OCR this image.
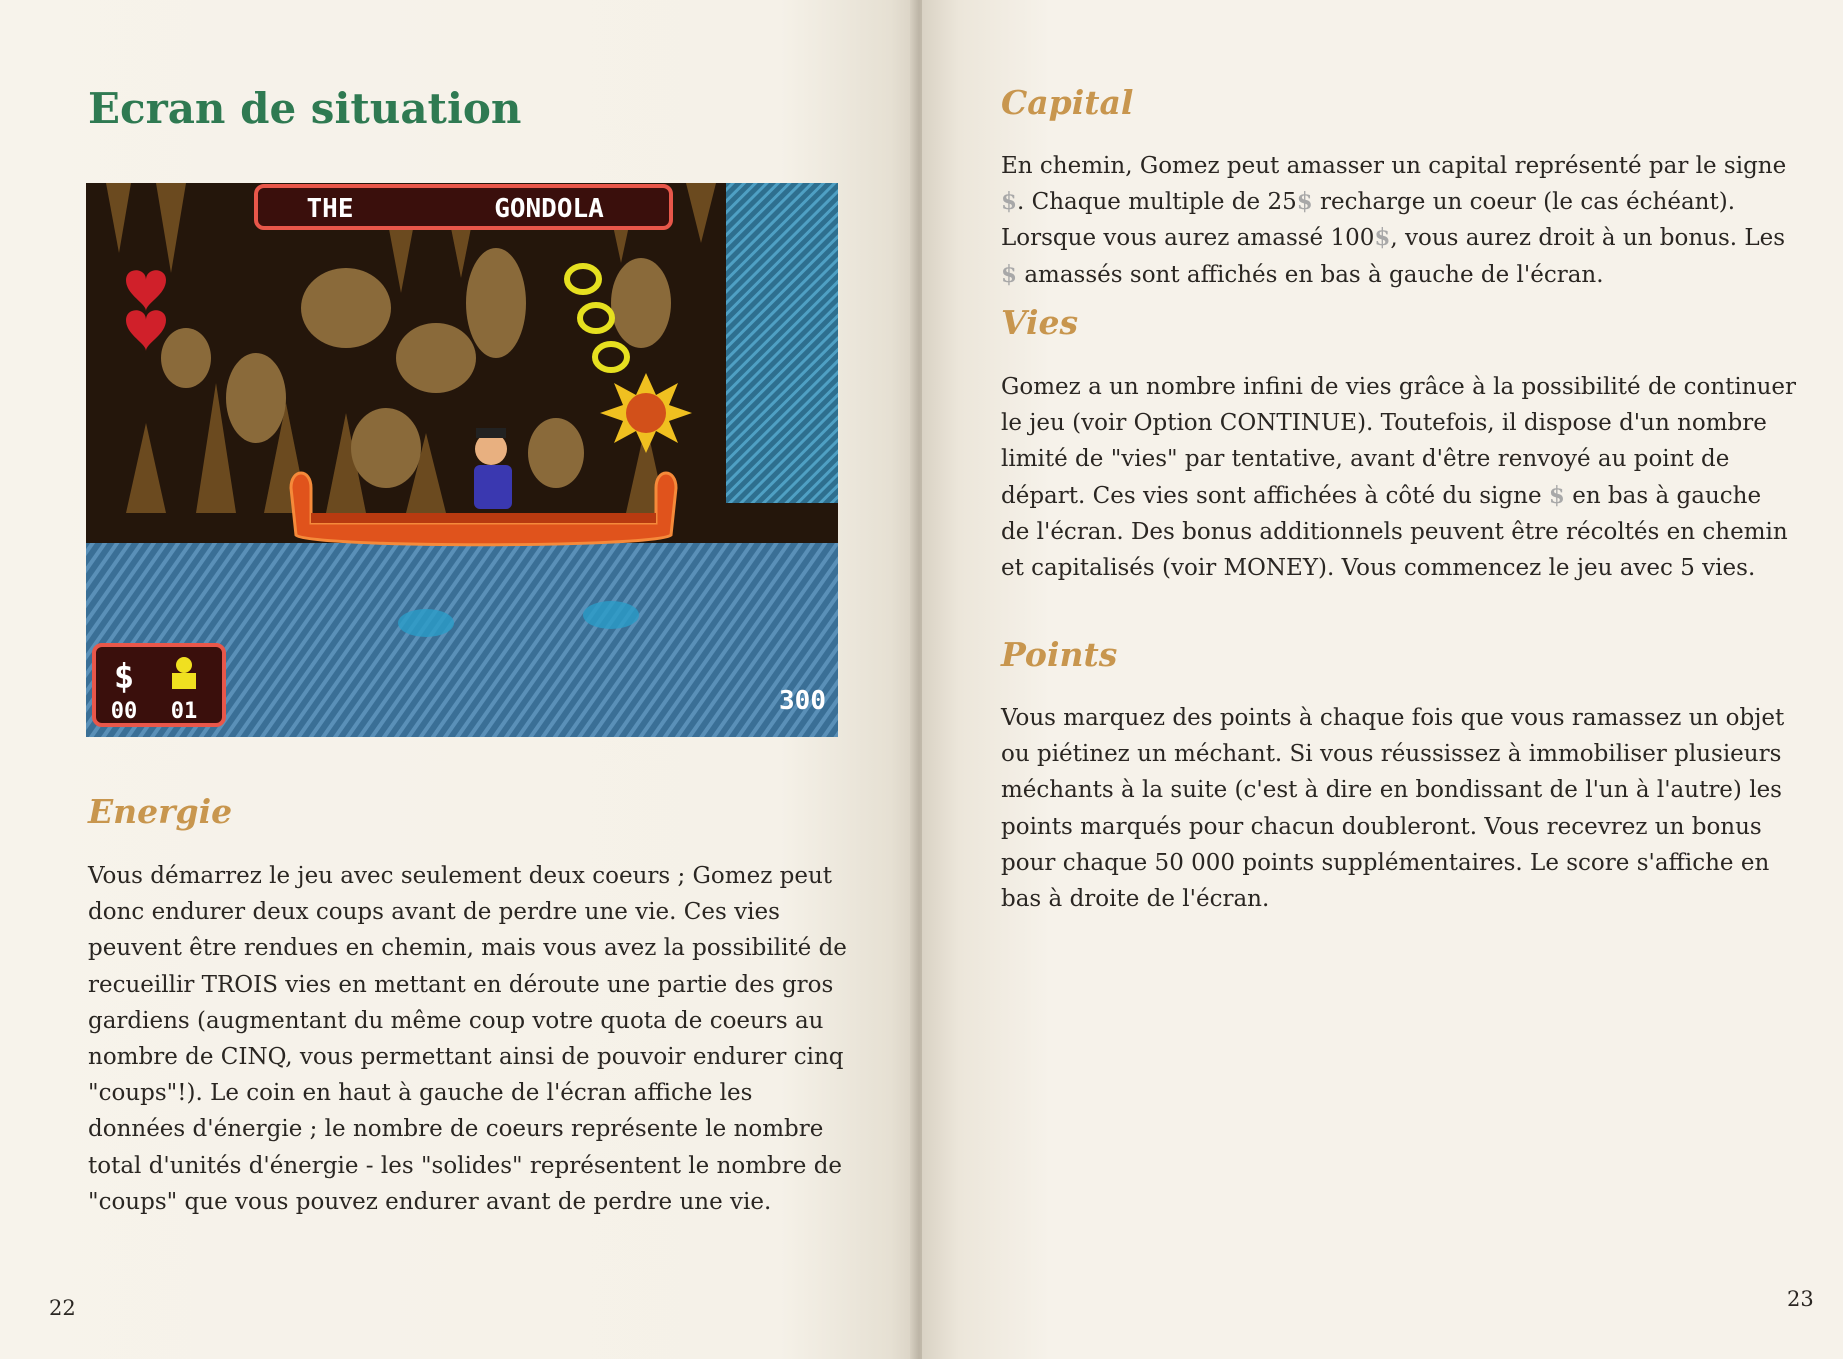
Ecran de situation
THE	GONDOLA
$
00 01	300
Energie

Vous démarrez le jeu avec seulement deux coeurs ; Gomez peut donc endurer deux coups avant de perdre une vie. Ces vies peuvent être rendues en chemin, mais vous avez la possibilité de recueillir TROIS vies en mettant en déroute une partie des gros gardiens (augmentant du même coup votre quota de coeurs au nombre de CINQ, vous permettant ainsi de pouvoir endurer cinq "coups"!). Le coin en haut à gauche de l'écran affiche les données d'énergie ; le nombre de coeurs représente le nombre total d'unités d'énergie - les "solides" représentent le nombre de "coups" que vous pouvez endurer avant de perdre une vie.

22
Capital

En chemin, Gomez peut amasser un capital représenté par le signe $. Chaque multiple de 25$ recharge un coeur (le cas échéant). Lorsque vous aurez amassé 100$, vous aurez droit à un bonus. Les $ amassés sont affichés en bas à gauche de l'écran.

Vies

Gomez a un nombre infini de vies grâce à la possibilité de continuer le jeu (voir Option CONTINUE). Toutefois, il dispose d'un nombre limité de "vies" par tentative, avant d'être renvoyé au point de départ. Ces vies sont affichées à côté du signe $ en bas à gauche de l'écran. Des bonus additionnels peuvent être récoltés en chemin et capitalisés (voir MONEY). Vous commencez le jeu avec 5 vies.

Points

Vous marquez des points à chaque fois que vous ramassez un objet ou piétinez un méchant. Si vous réussissez à immobiliser plusieurs méchants à la suite (c'est à dire en bondissant de l'un à l'autre) les points marqués pour chacun doubleront. Vous recevrez un bonus pour chaque 50 000 points supplémentaires. Le score s'affiche en bas à droite de l'écran.

23
